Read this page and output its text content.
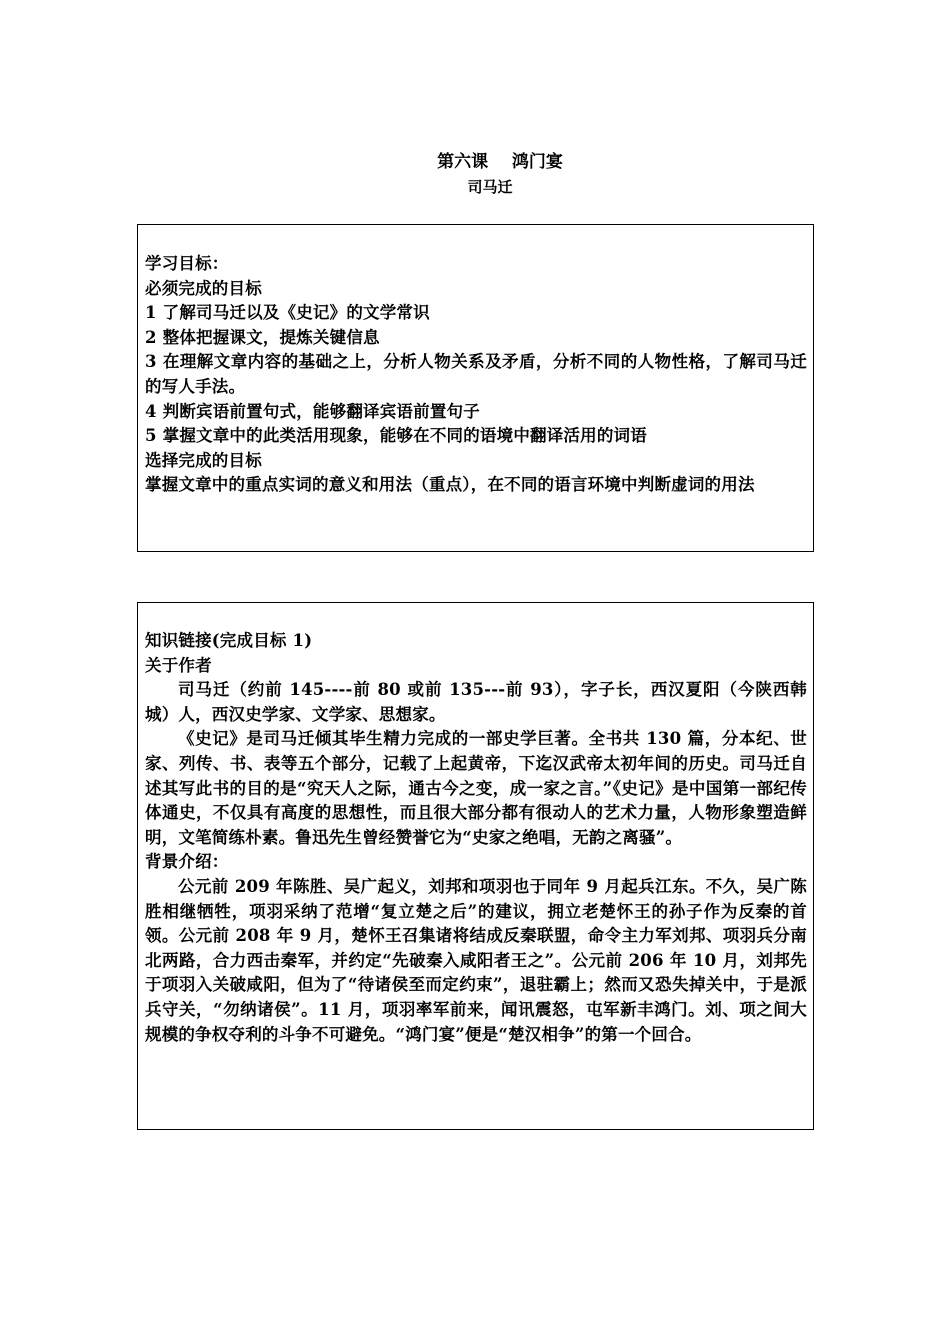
第六课    鸿门宴
司马迁

学习目标：

必须完成的目标

1 了解司马迁以及《史记》的文学常识

2 整体把握课文，提炼关键信息

3 在理解文章内容的基础之上，分析人物关系及矛盾，分析不同的人物性格，了解司马迁的写人手法。

4 判断宾语前置句式，能够翻译宾语前置句子

5 掌握文章中的此类活用现象，能够在不同的语境中翻译活用的词语

选择完成的目标

掌握文章中的重点实词的意义和用法（重点），在不同的语言环境中判断虚词的用法

知识链接(完成目标 1)

关于作者

司马迁（约前 145----前 80 或前 135---前 93），字子长，西汉夏阳（今陕西韩城）人，西汉史学家、文学家、思想家。

《史记》是司马迁倾其毕生精力完成的一部史学巨著。全书共 130 篇，分本纪、世家、列传、书、表等五个部分，记载了上起黄帝，下迄汉武帝太初年间的历史。司马迁自述其写此书的目的是“究天人之际，通古今之变，成一家之言。”《史记》是中国第一部纪传体通史，不仅具有高度的思想性，而且很大部分都有很动人的艺术力量，人物形象塑造鲜明，文笔简练朴素。鲁迅先生曾经赞誉它为“史家之绝唱，无韵之离骚”。

背景介绍：

公元前 209 年陈胜、吴广起义，刘邦和项羽也于同年 9 月起兵江东。不久，吴广陈胜相继牺牲，项羽采纳了范增“复立楚之后”的建议，拥立老楚怀王的孙子作为反秦的首领。公元前 208 年 9 月，楚怀王召集诸将结成反秦联盟，命令主力军刘邦、项羽兵分南北两路，合力西击秦军，并约定“先破秦入咸阳者王之”。公元前 206 年 10 月，刘邦先于项羽入关破咸阳，但为了“待诸侯至而定约束”，退驻霸上；然而又恐失掉关中，于是派兵守关，“勿纳诸侯”。11 月，项羽率军前来，闻讯震怒，屯军新丰鸿门。刘、项之间大规模的争权夺利的斗争不可避免。“鸿门宴”便是“楚汉相争”的第一个回合。
